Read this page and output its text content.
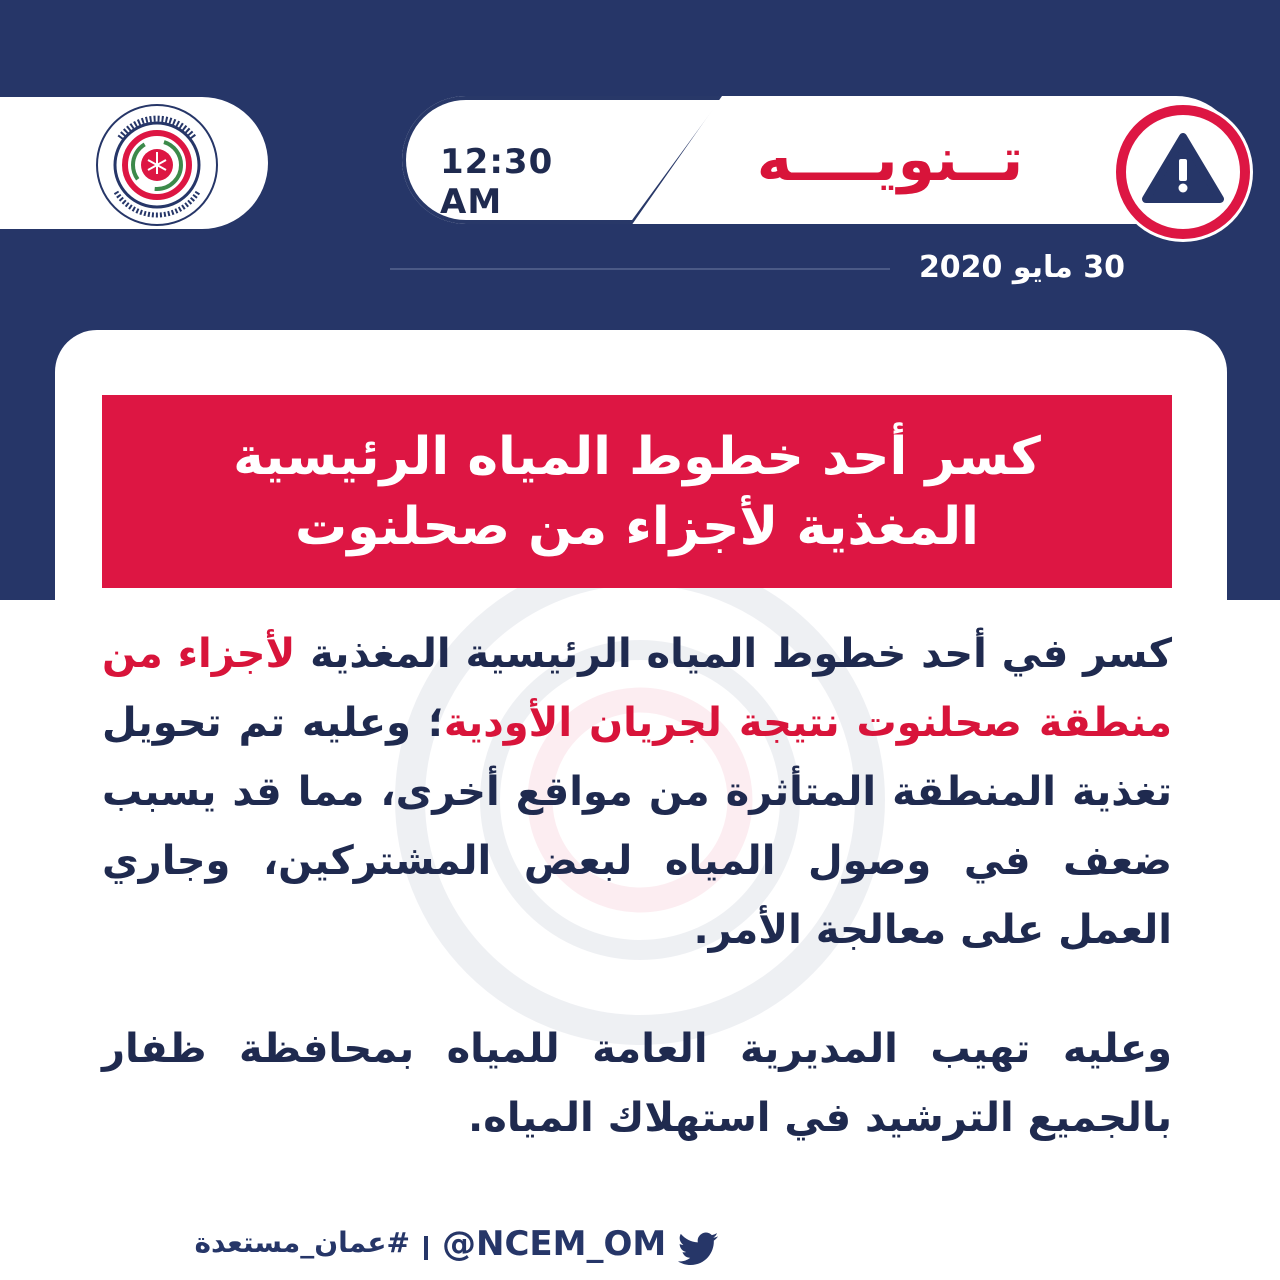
12:30 AM
تــنويــــه
30 مايو 2020
كسر أحد خطوط المياه الرئيسية
المغذية لأجزاء من صحلنوت
كسر في أحد خطوط المياه الرئيسية المغذية لأجزاء من منطقة صحلنوت نتيجة لجريان الأودية؛ وعليه تم تحويل تغذية المنطقة المتأثرة من مواقع أخرى، مما قد يسبب ضعف في وصول المياه لبعض المشتركين، وجاري العمل على معالجة الأمر.
وعليه تهيب المديرية العامة للمياه بمحافظة ظفار بالجميع الترشيد في استهلاك المياه.
@NCEM_OM
#عمان_مستعدة
